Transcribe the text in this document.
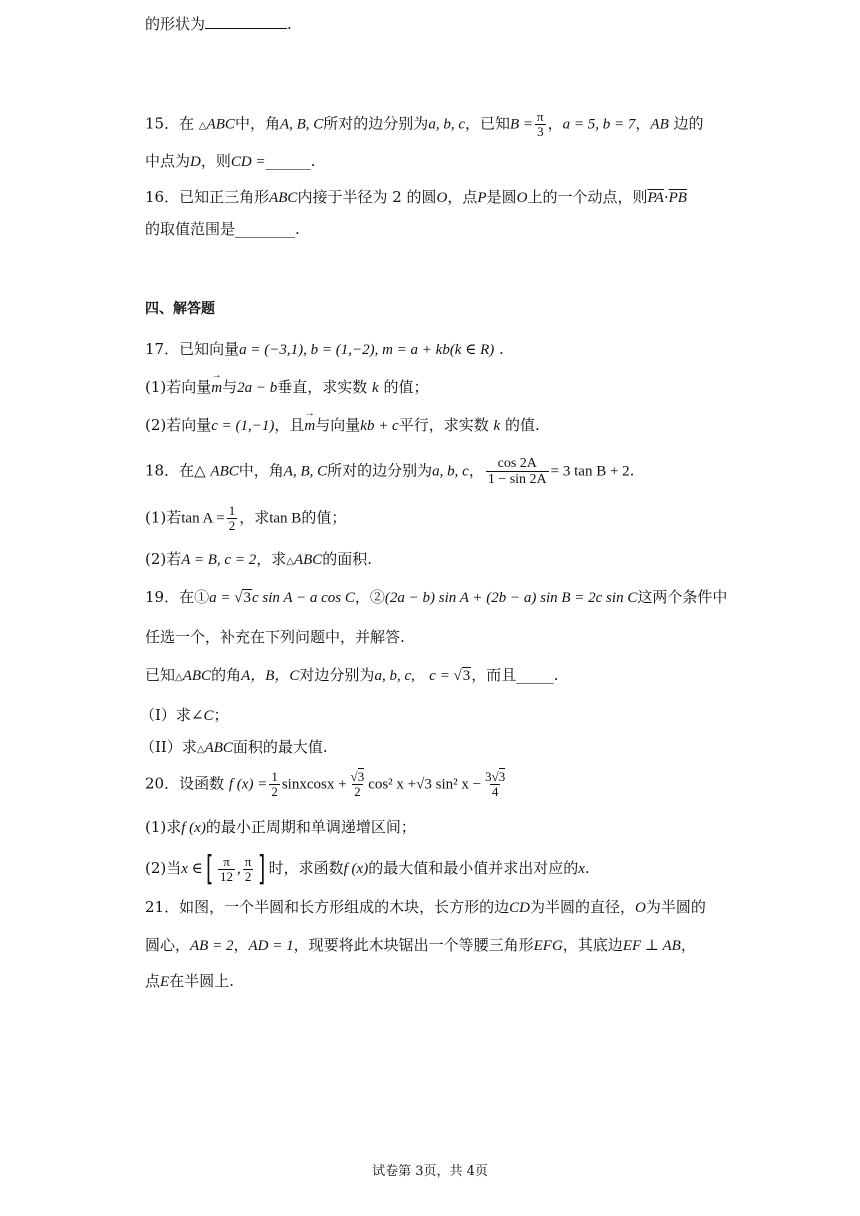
的形状为	.
15．在 △ABC中，角A, B, C所对的边分别为a, b, c，已知$B = \frac{\pi}{3}$ ，a = 5, b = 7，AB 边的
中点为D，则CD =______.
16．已知正三角形ABC内接于半径为 2 的圆O，点P是圆O上的一个动点，则$\overline{PA}\cdot\overline{PB}$
的取值范围是________.
四、解答题
17．已知向量a = (−3,1), b = (1,−2), m = a + kb(k ∈ R) .
(1)若向量→ m与2a − b垂直，求实数 k 的值；
(2)若向量c = (1,−1)，且→ m与向量kb + c平行，求实数 k 的值.
18．在△ ABC中，角A, B, C所对的边分别为a, b, c， $\frac{\cos 2A}{1 - \sin 2A} = 3$ tan B + 2.
(1)若$\tan A = \frac{1}{2}$ ，求tan B的值；
(2)若A = B, c = 2，求△ABC的面积.
19．在①a = √3c sin A − a cos C，②(2a − b) sin A + (2b − a) sin B = 2c sin C这两个条件中
任选一个，补充在下列问题中，并解答.
已知△ABC的角A，B，C对边分别为a, b, c, c = √3，而且_____.
（I）求∠C；
（II）求△ABC面积的最大值.
20．设函数 f $(x) = \frac{1}{2}$ sinxcosx + $\frac{√3}{2} \cos^2$ x +√3 sin² $x - \frac{3√3}{4}$
(1)求f (x)的最小正周期和单调递增区间；
(2)当x ∈[ $\frac{\pi}{12}$ , $\frac{\pi}{2}$ ] 时，求函数f (x)的最大值和最小值并求出对应的x.
21．如图，一个半圆和长方形组成的木块，长方形的边CD为半圆的直径，O为半圆的
圆心，AB = 2，AD = 1，现要将此木块锯出一个等腰三角形EFG，其底边EF ⊥ AB，
点E在半圆上.
试卷第 3页，共 4页
